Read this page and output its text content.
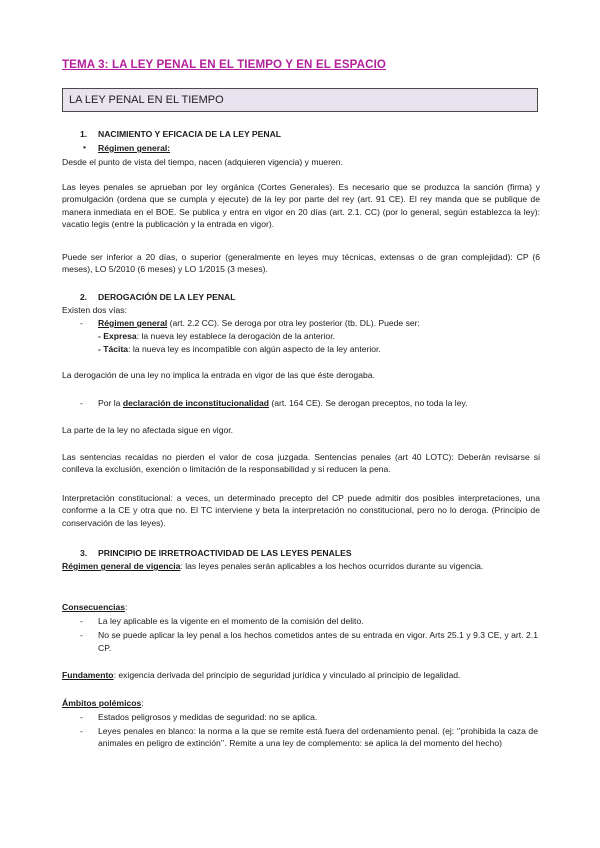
TEMA 3: LA LEY PENAL EN EL TIEMPO Y EN EL ESPACIO
LA LEY PENAL EN EL TIEMPO
1. NACIMIENTO Y EFICACIA DE LA LEY PENAL
• Régimen general:
Desde el punto de vista del tiempo, nacen (adquieren vigencia) y mueren.
Las leyes penales se aprueban por ley orgánica (Cortes Generales). Es necesario que se produzca la sanción (firma) y promulgación (ordena que se cumpla y ejecute) de la ley por parte del rey (art. 91 CE). El rey manda que se publique de manera inmediata en el BOE. Se publica y entra en vigor en 20 días (art. 2.1. CC) (por lo general, según establezca la ley): vacatio legis (entre la publicación y la entrada en vigor).
Puede ser inferior a 20 días, o superior (generalmente en leyes muy técnicas, extensas o de gran complejidad): CP (6 meses), LO 5/2010 (6 meses) y LO 1/2015 (3 meses).
2. DEROGACIÓN DE LA LEY PENAL
Existen dos vías:
- Régimen general (art. 2.2 CC). Se deroga por otra ley posterior (tb. DL). Puede ser:
- Expresa: la nueva ley establece la derogación de la anterior.
- Tácita: la nueva ley es incompatible con algún aspecto de la ley anterior.
La derogación de una ley no implica la entrada en vigor de las que éste derogaba.
- Por la declaración de inconstitucionalidad (art. 164 CE). Se derogan preceptos, no toda la ley.
La parte de la ley no afectada sigue en vigor.
Las sentencias recaídas no pierden el valor de cosa juzgada. Sentencias penales (art 40 LOTC): Deberán revisarse si conlleva la exclusión, exención o limitación de la responsabilidad y si reducen la pena.
Interpretación constitucional: a veces, un determinado precepto del CP puede admitir dos posibles interpretaciones, una conforme a la CE y otra que no. El TC interviene y beta la interpretación no constitucional, pero no lo deroga. (Principio de conservación de las leyes).
3. PRINCIPIO DE IRRETROACTIVIDAD DE LAS LEYES PENALES
Régimen general de vigencia: las leyes penales serán aplicables a los hechos ocurridos durante su vigencia.
Consecuencias:
- La ley aplicable es la vigente en el momento de la comisión del delito.
- No se puede aplicar la ley penal a los hechos cometidos antes de su entrada en vigor. Arts 25.1 y 9.3 CE, y art. 2.1 CP.
Fundamento: exigencia derivada del principio de seguridad jurídica y vinculado al principio de legalidad.
Ámbitos polémicos:
- Estados peligrosos y medidas de seguridad: no se aplica.
- Leyes penales en blanco: la norma a la que se remite está fuera del ordenamiento penal. (ej: ‘’prohibida la caza de animales en peligro de extinción’’. Remite a una ley de complemento: se aplica la del momento del hecho)
